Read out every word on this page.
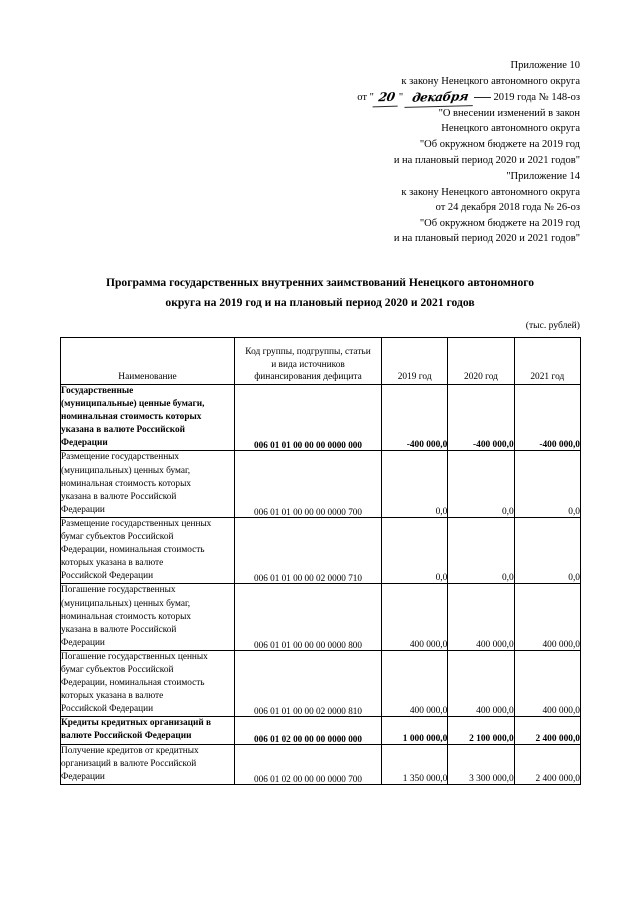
Приложение 10
к закону Ненецкого автономного округа
от " 20 " декабря 2019 года № 148-оз
"О внесении изменений в закон
Ненецкого автономного округа
"Об окружном бюджете на 2019 год
и на плановый период 2020 и 2021 годов"
"Приложение 14
к закону Ненецкого автономного округа
от 24 декабря 2018 года № 26-оз
"Об окружном бюджете на 2019 год
и на плановый период 2020 и 2021 годов"
Программа государственных внутренних заимствований Ненецкого автономного
округа на 2019 год и на плановый период 2020 и 2021 годов
(тыс. рублей)
Наименование	Код группы, подгруппы, статьи
и вида источников
финансирования дефицита	2019 год	2020 год	2021 год

Государственные
(муниципальные) ценные бумаги,
номинальная стоимость которых
указана в валюте Российской
Федерации	006 01 01 00 00 00 0000 000	-400 000,0	-400 000,0	-400 000,0

Размещение государственных
(муниципальных) ценных бумаг,
номинальная стоимость которых
указана в валюте Российской
Федерации	006 01 01 00 00 00 0000 700	0,0	0,0	0,0

Размещение государственных ценных
бумаг субъектов Российской
Федерации, номинальная стоимость
которых указана в валюте
Российской Федерации	006 01 01 00 00 02 0000 710	0,0	0,0	0,0

Погашение государственных
(муниципальных) ценных бумаг,
номинальная стоимость которых
указана в валюте Российской
Федерации	006 01 01 00 00 00 0000 800	400 000,0	400 000,0	400 000,0

Погашение государственных ценных
бумаг субъектов Российской
Федерации, номинальная стоимость
которых указана в валюте
Российской Федерации	006 01 01 00 00 02 0000 810	400 000,0	400 000,0	400 000,0

Кредиты кредитных организаций в
валюте Российской Федерации	006 01 02 00 00 00 0000 000	1 000 000,0	2 100 000,0	2 400 000,0

Получение кредитов от кредитных
организаций в валюте Российской
Федерации	006 01 02 00 00 00 0000 700	1 350 000,0	3 300 000,0	2 400 000,0
